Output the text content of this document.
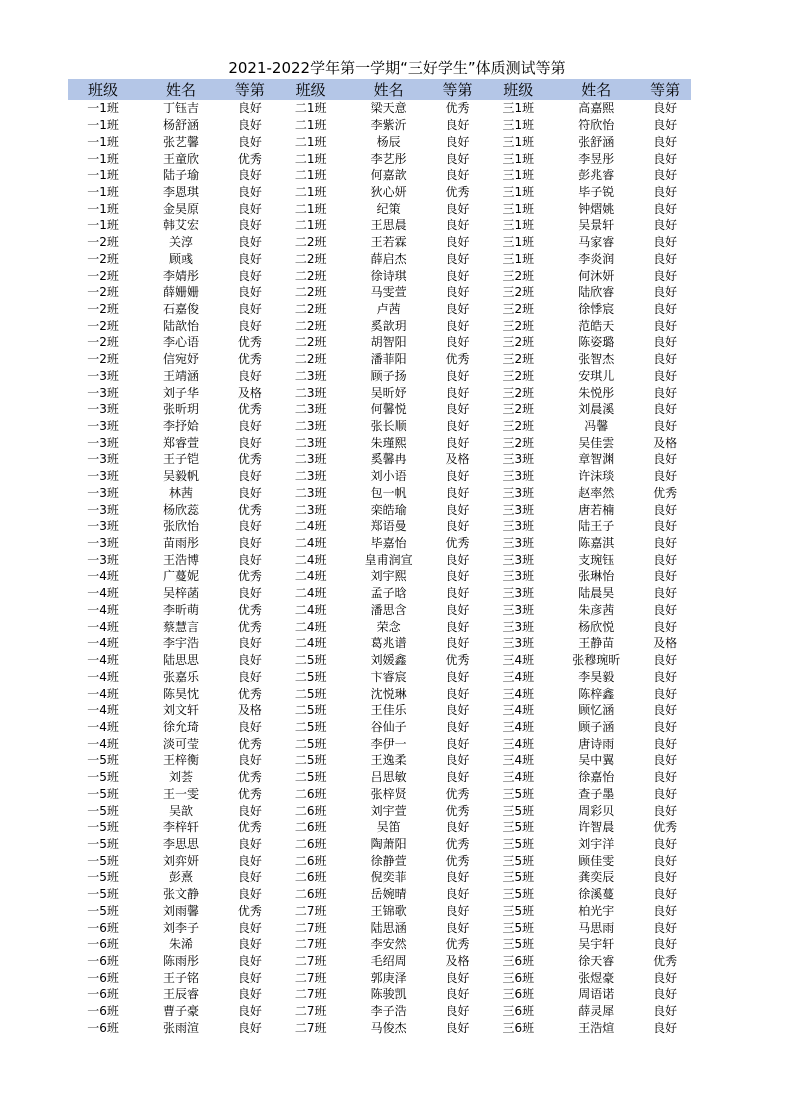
2021-2022学年第一学期“三好学生”体质测试等第
班级	姓名	等第	班级	姓名	等第	班级	姓名	等第
一1班	丁钰吉	良好	二1班	梁天意	优秀	三1班	高嘉熙	良好
一1班	杨舒涵	良好	二1班	李紫沂	良好	三1班	符欣怡	良好
一1班	张艺馨	良好	二1班	杨辰	良好	三1班	张舒涵	良好
一1班	王童欣	优秀	二1班	李艺彤	良好	三1班	李昱彤	良好
一1班	陆子瑜	良好	二1班	何嘉歆	良好	三1班	彭兆睿	良好
一1班	李恩琪	良好	二1班	狄心妍	优秀	三1班	毕子锐	良好
一1班	金昊原	良好	二1班	纪策	良好	三1班	钟熠姚	良好
一1班	韩艾宏	良好	二1班	王思晨	良好	三1班	吴景轩	良好
一2班	关淳	良好	二2班	王若霖	良好	三1班	马家睿	良好
一2班	顾彧	良好	二2班	薛启杰	良好	三1班	李炎润	良好
一2班	李婧彤	良好	二2班	徐诗琪	良好	三2班	何沐妍	良好
一2班	薛姗姗	良好	二2班	马雯萱	良好	三2班	陆欣睿	良好
一2班	石嘉俊	良好	二2班	卢茜	良好	三2班	徐悸宸	良好
一2班	陆歆怡	良好	二2班	奚歆玥	良好	三2班	范皓天	良好
一2班	李心语	优秀	二2班	胡智阳	良好	三2班	陈姿璐	良好
一2班	信宛妤	优秀	二2班	潘菲阳	优秀	三2班	张智杰	良好
一3班	王靖涵	良好	二3班	顾子扬	良好	三2班	安琪儿	良好
一3班	刘子华	及格	二3班	吴昕妤	良好	三2班	朱悦彤	良好
一3班	张昕玥	优秀	二3班	何馨悦	良好	三2班	刘晨溪	良好
一3班	李抒姶	良好	二3班	张长顺	良好	三2班	冯馨	良好
一3班	郑睿萱	良好	二3班	朱瑾熙	良好	三2班	吴佳雲	及格
一3班	王子铠	优秀	二3班	奚馨冉	及格	三3班	章智渊	良好
一3班	吴毅帆	良好	二3班	刘小语	良好	三3班	许沫琰	良好
一3班	林茜	良好	二3班	包一帆	良好	三3班	赵率然	优秀
一3班	杨欣蕊	优秀	二3班	栾皓瑜	良好	三3班	唐若楠	良好
一3班	张欣怡	良好	二4班	郑语曼	良好	三3班	陆王子	良好
一3班	苗雨彤	良好	二4班	毕嘉怡	优秀	三3班	陈嘉淇	良好
一3班	王浩博	良好	二4班	皇甫润宣	良好	三3班	支琬钰	良好
一4班	广蔓妮	优秀	二4班	刘宇熙	良好	三3班	张琳怡	良好
一4班	吴梓菡	良好	二4班	孟子晗	良好	三3班	陆晨昊	良好
一4班	李昕萌	优秀	二4班	潘思含	良好	三3班	朱彦茜	良好
一4班	蔡慧言	优秀	二4班	荣念	良好	三3班	杨欣悦	良好
一4班	李宇浩	良好	二4班	葛兆谱	良好	三3班	王静苗	及格
一4班	陆思思	良好	二5班	刘媛鑫	优秀	三4班	张穆琬昕	良好
一4班	张嘉乐	良好	二5班	卞睿宸	良好	三4班	李昊毅	良好
一4班	陈昊忱	优秀	二5班	沈悦琳	良好	三4班	陈梓鑫	良好
一4班	刘文轩	及格	二5班	王佳乐	良好	三4班	顾忆涵	良好
一4班	徐允琦	良好	二5班	谷仙子	良好	三4班	顾子涵	良好
一4班	淡可莹	优秀	二5班	李伊一	良好	三4班	唐诗雨	良好
一5班	王梓衡	良好	二5班	王逸柔	良好	三4班	吴中翼	良好
一5班	刘荟	优秀	二5班	吕思敏	良好	三4班	徐嘉怡	良好
一5班	王一雯	优秀	二6班	张梓贤	优秀	三5班	查子墨	良好
一5班	吴歆	良好	二6班	刘宇萱	优秀	三5班	周彩贝	良好
一5班	李梓轩	优秀	二6班	吴笛	良好	三5班	许智晨	优秀
一5班	李思思	良好	二6班	陶萧阳	优秀	三5班	刘宇洋	良好
一5班	刘弈妍	良好	二6班	徐静萱	优秀	三5班	顾佳雯	良好
一5班	彭熹	良好	二6班	倪奕菲	良好	三5班	龚奕辰	良好
一5班	张文静	良好	二6班	岳婉晴	良好	三5班	徐溪蔓	良好
一5班	刘雨馨	优秀	二7班	王锦歌	良好	三5班	柏光宇	良好
一6班	刘李子	良好	二7班	陆思涵	良好	三5班	马思雨	良好
一6班	朱浠	良好	二7班	李安然	优秀	三5班	吴宇轩	良好
一6班	陈雨彤	良好	二7班	毛绍周	及格	三6班	徐天睿	优秀
一6班	王子铭	良好	二7班	郭庚泽	良好	三6班	张煜豪	良好
一6班	王辰睿	良好	二7班	陈骏凯	良好	三6班	周语诺	良好
一6班	曹子豪	良好	二7班	李子浩	良好	三6班	薛灵犀	良好
一6班	张雨渲	良好	二7班	马俊杰	良好	三6班	王浩煊	良好
